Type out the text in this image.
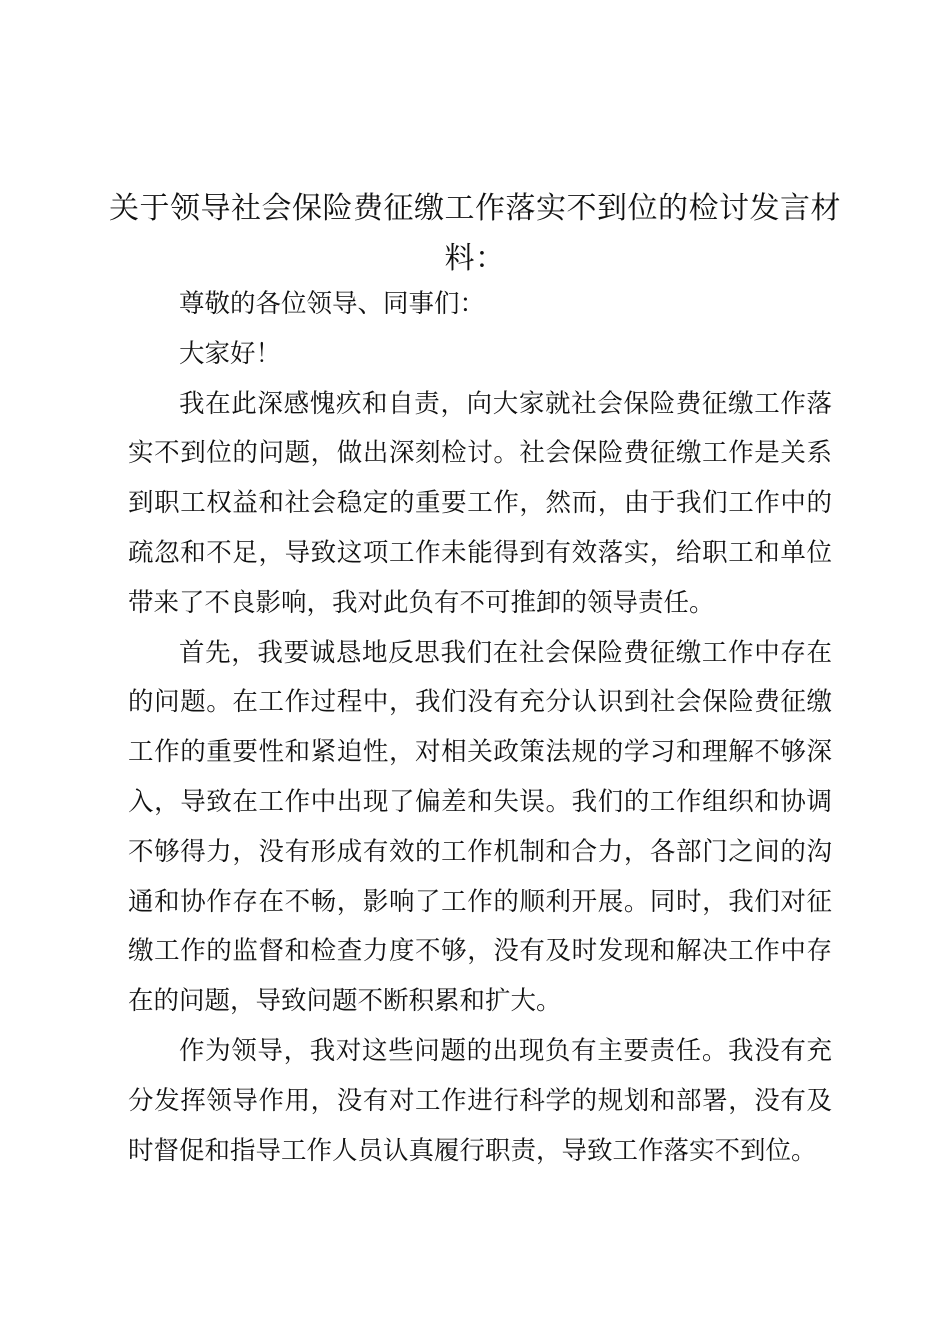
关于领导社会保险费征缴工作落实不到位的检讨发言材料：

尊敬的各位领导、同事们：

大家好！

我在此深感愧疚和自责，向大家就社会保险费征缴工作落实不到位的问题，做出深刻检讨。社会保险费征缴工作是关系到职工权益和社会稳定的重要工作，然而，由于我们工作中的疏忽和不足，导致这项工作未能得到有效落实，给职工和单位带来了不良影响，我对此负有不可推卸的领导责任。

首先，我要诚恳地反思我们在社会保险费征缴工作中存在的问题。在工作过程中，我们没有充分认识到社会保险费征缴工作的重要性和紧迫性，对相关政策法规的学习和理解不够深入，导致在工作中出现了偏差和失误。我们的工作组织和协调不够得力，没有形成有效的工作机制和合力，各部门之间的沟通和协作存在不畅，影响了工作的顺利开展。同时，我们对征缴工作的监督和检查力度不够，没有及时发现和解决工作中存在的问题，导致问题不断积累和扩大。

作为领导，我对这些问题的出现负有主要责任。我没有充分发挥领导作用，没有对工作进行科学的规划和部署，没有及时督促和指导工作人员认真履行职责，导致工作落实不到位。
